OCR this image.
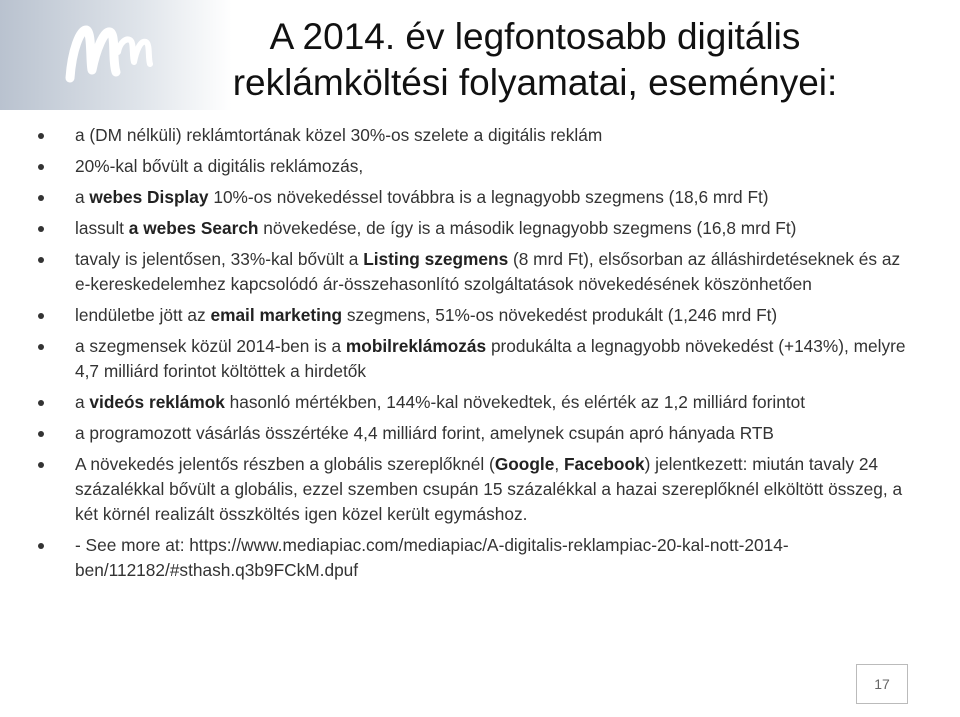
A 2014. év legfontosabb digitális
reklámköltési folyamatai, eseményei:
a (DM nélküli) reklámtortának közel 30%-os szelete a digitális reklám
20%-kal bővült a digitális reklámozás,
a webes Display 10%-os növekedéssel továbbra is a legnagyobb szegmens (18,6 mrd Ft)
lassult a webes Search növekedése, de így is a második legnagyobb szegmens (16,8 mrd Ft)
tavaly is jelentősen, 33%-kal bővült a Listing szegmens (8 mrd Ft), elsősorban az álláshirdetéseknek és az e-kereskedelemhez kapcsolódó ár-összehasonlító szolgáltatások növekedésének köszönhetően
lendületbe jött az email marketing szegmens, 51%-os növekedést produkált (1,246 mrd Ft)
a szegmensek közül 2014-ben is a mobilreklámozás produkálta a legnagyobb növekedést (+143%), melyre 4,7 milliárd forintot költöttek a hirdetők
a videós reklámok hasonló mértékben, 144%-kal növekedtek, és elérték az 1,2 milliárd forintot
a programozott vásárlás összértéke 4,4 milliárd forint, amelynek csupán apró hányada RTB
A növekedés jelentős részben a globális szereplőknél (Google, Facebook) jelentkezett: miután tavaly 24 százalékkal bővült a globális, ezzel szemben csupán 15 százalékkal a hazai szereplőknél elköltött összeg, a két körnél realizált összköltés igen közel került egymáshoz.
- See more at: https://www.mediapiac.com/mediapiac/A-digitalis-reklampiac-20-kal-nott-2014-ben/112182/#sthash.q3b9FCkM.dpuf
17
